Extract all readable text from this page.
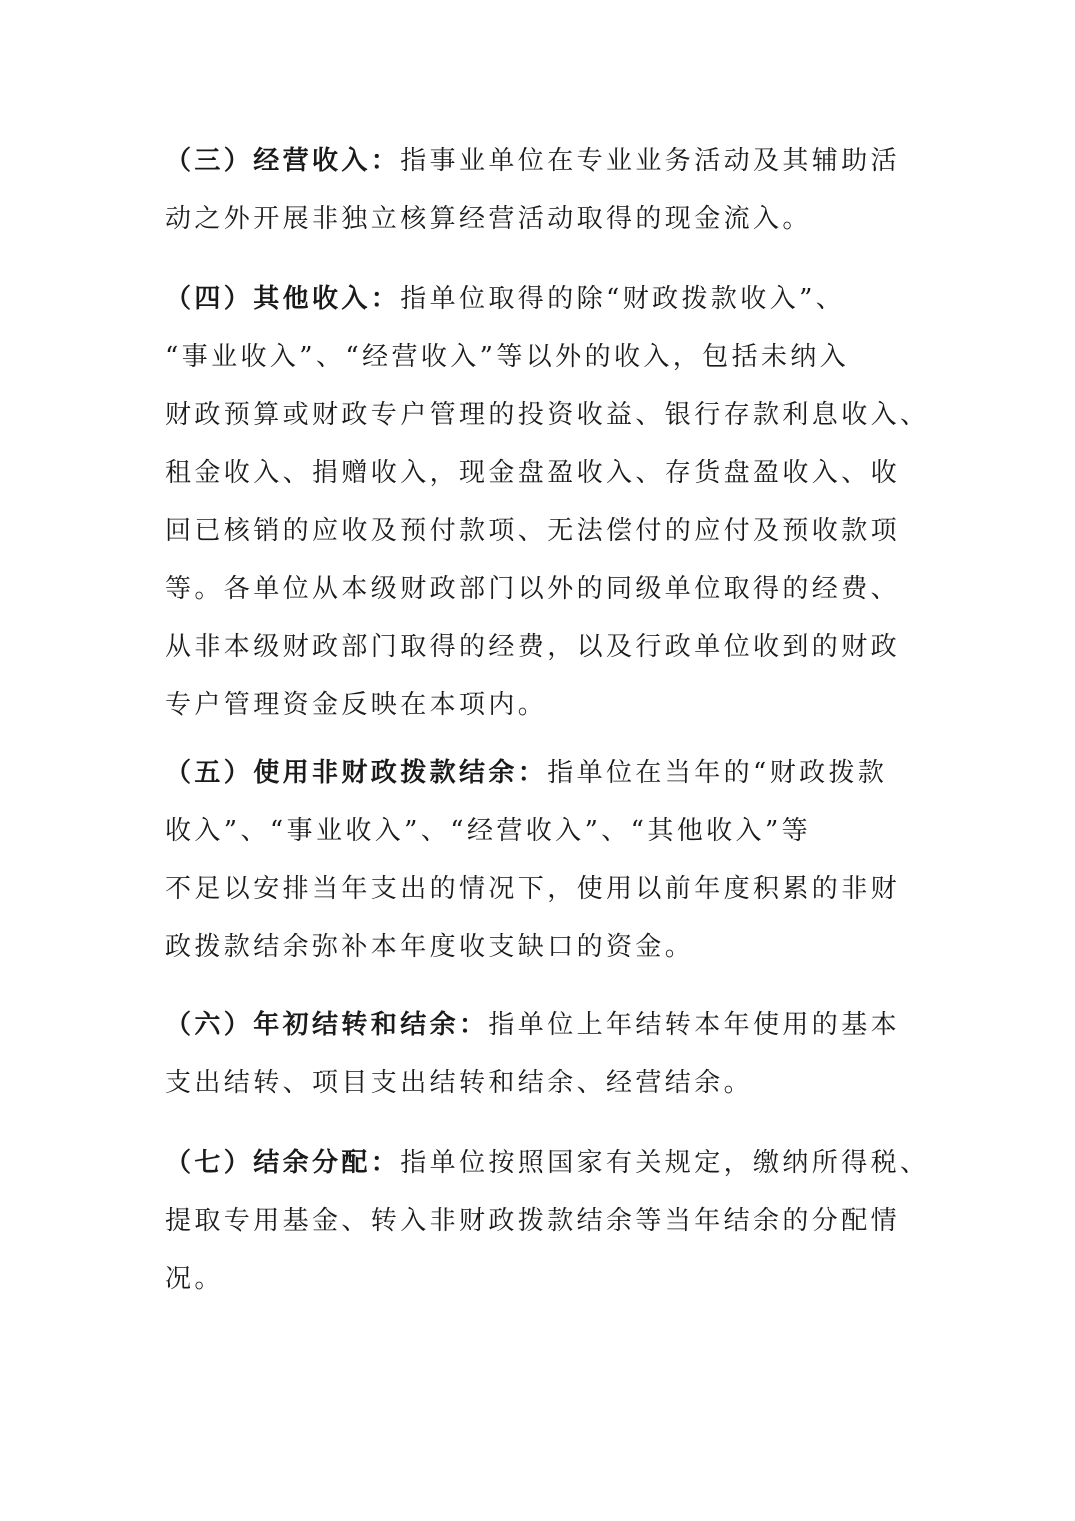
（三）经营收入：指事业单位在专业业务活动及其辅助活
动之外开展非独立核算经营活动取得的现金流入。
（四）其他收入：指单位取得的除“财政拨款收入”、
“事业收入”、“经营收入”等以外的收入，包括未纳入
财政预算或财政专户管理的投资收益、银行存款利息收入、
租金收入、捐赠收入，现金盘盈收入、存货盘盈收入、收
回已核销的应收及预付款项、无法偿付的应付及预收款项
等。各单位从本级财政部门以外的同级单位取得的经费、
从非本级财政部门取得的经费，以及行政单位收到的财政
专户管理资金反映在本项内。
（五）使用非财政拨款结余：指单位在当年的“财政拨款
收入”、“事业收入”、“经营收入”、“其他收入”等
不足以安排当年支出的情况下，使用以前年度积累的非财
政拨款结余弥补本年度收支缺口的资金。
（六）年初结转和结余：指单位上年结转本年使用的基本
支出结转、项目支出结转和结余、经营结余。
（七）结余分配：指单位按照国家有关规定，缴纳所得税、
提取专用基金、转入非财政拨款结余等当年结余的分配情
况。
